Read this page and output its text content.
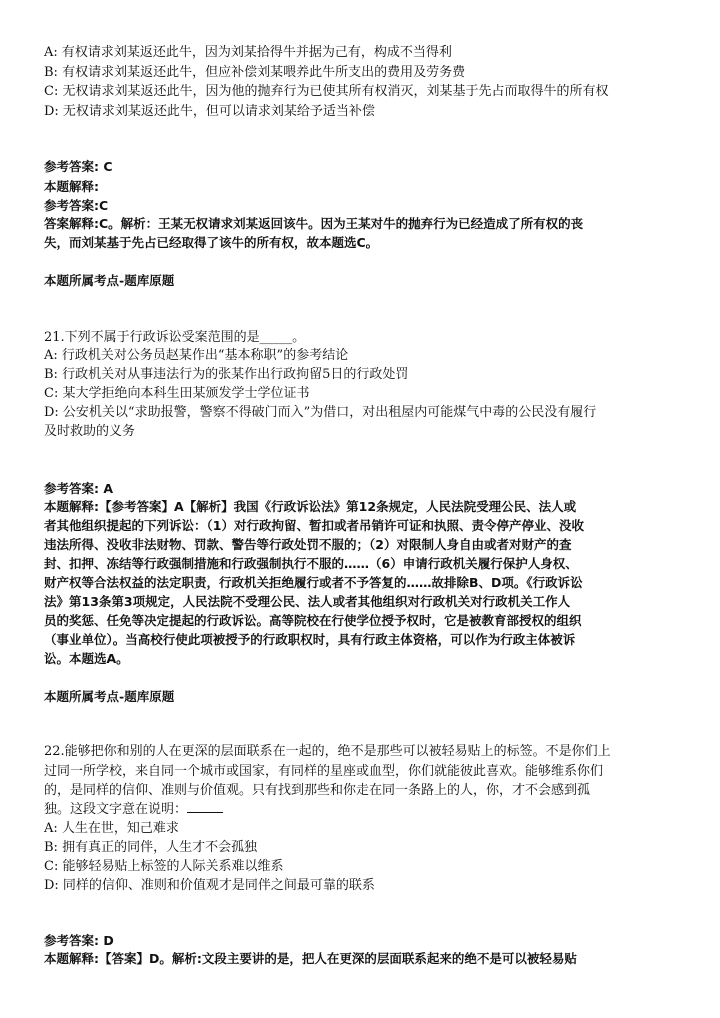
A: 有权请求刘某返还此牛，因为刘某拾得牛并据为己有，构成不当得利
B: 有权请求刘某返还此牛，但应补偿刘某喂养此牛所支出的费用及劳务费
C: 无权请求刘某返还此牛，因为他的抛弃行为已使其所有权消灭，刘某基于先占而取得牛的所有权
D: 无权请求刘某返还此牛，但可以请求刘某给予适当补偿
参考答案: C
本题解释:
参考答案:C
答案解释:C。解析：王某无权请求刘某返回该牛。因为王某对牛的抛弃行为已经造成了所有权的丧
失，而刘某基于先占已经取得了该牛的所有权，故本题选C。
本题所属考点-题库原题
21.下列不属于行政诉讼受案范围的是_____。
A: 行政机关对公务员赵某作出“基本称职”的参考结论
B: 行政机关对从事违法行为的张某作出行政拘留5日的行政处罚
C: 某大学拒绝向本科生田某颁发学士学位证书
D: 公安机关以“求助报警，警察不得破门而入”为借口，对出租屋内可能煤气中毒的公民没有履行
及时救助的义务
参考答案: A
本题解释:【参考答案】A【解析】我国《行政诉讼法》第12条规定，人民法院受理公民、法人或
者其他组织提起的下列诉讼：（1）对行政拘留、暂扣或者吊销许可证和执照、责令停产停业、没收
违法所得、没收非法财物、罚款、警告等行政处罚不服的；（2）对限制人身自由或者对财产的查
封、扣押、冻结等行政强制措施和行政强制执行不服的……（6）申请行政机关履行保护人身权、
财产权等合法权益的法定职责，行政机关拒绝履行或者不予答复的……故排除B、D项。《行政诉讼
法》第13条第3项规定，人民法院不受理公民、法人或者其他组织对行政机关对行政机关工作人
员的奖惩、任免等决定提起的行政诉讼。高等院校在行使学位授予权时，它是被教育部授权的组织
（事业单位）。当高校行使此项被授予的行政职权时，具有行政主体资格，可以作为行政主体被诉
讼。本题选A。
本题所属考点-题库原题
22.能够把你和别的人在更深的层面联系在一起的，绝不是那些可以被轻易贴上的标签。不是你们上
过同一所学校，来自同一个城市或国家，有同样的星座或血型，你们就能彼此喜欢。能够维系你们
的，是同样的信仰、准则与价值观。只有找到那些和你走在同一条路上的人，你，才不会感到孤
独。这段文字意在说明：
A: 人生在世，知己难求
B: 拥有真正的同伴，人生才不会孤独
C: 能够轻易贴上标签的人际关系难以维系
D: 同样的信仰、准则和价值观才是同伴之间最可靠的联系
参考答案: D
本题解释:【答案】D。解析:文段主要讲的是，把人在更深的层面联系起来的绝不是可以被轻易贴
